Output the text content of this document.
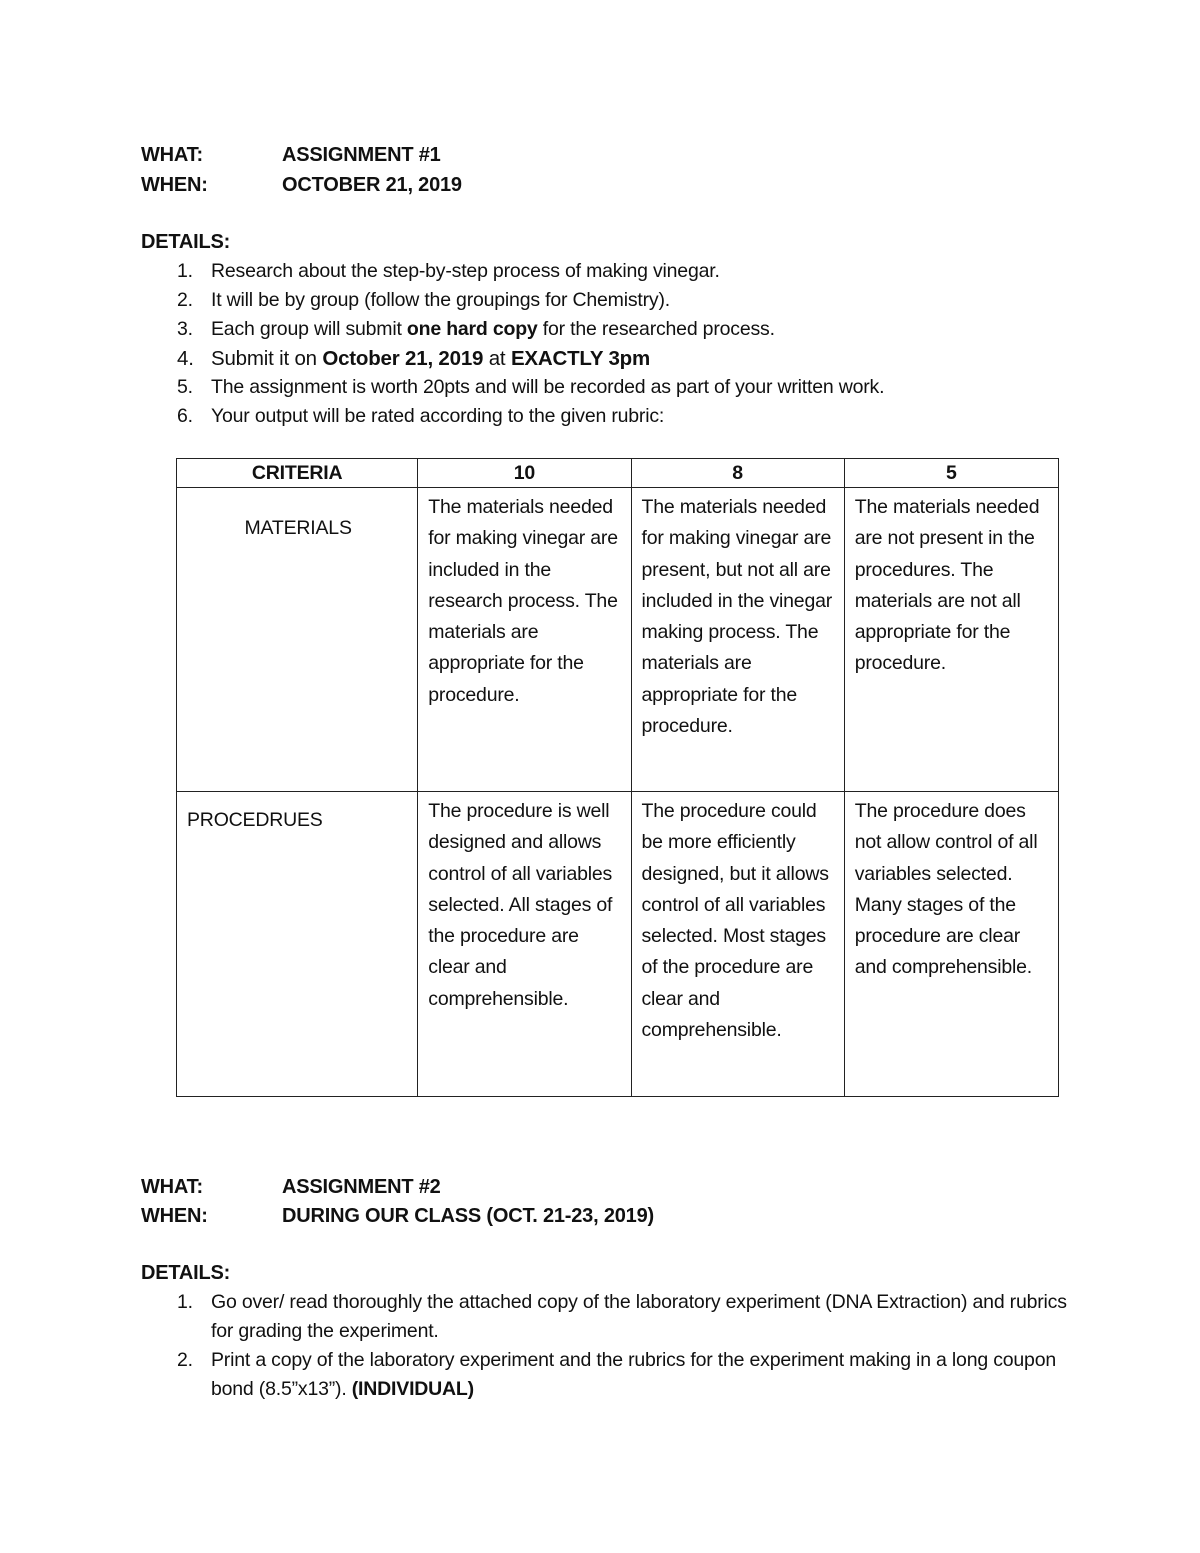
WHAT:	ASSIGNMENT #1
WHEN:	OCTOBER 21, 2019
DETAILS:
1. Research about the step-by-step process of making vinegar.
2. It will be by group (follow the groupings for Chemistry).
3. Each group will submit one hard copy for the researched process.
4. Submit it on October 21, 2019 at EXACTLY 3pm
5. The assignment is worth 20pts and will be recorded as part of your written work.
6. Your output will be rated according to the given rubric:
CRITERIA	10	8	5
MATERIALS	The materials needed for making vinegar are included in the research process. The materials are appropriate for the procedure.	The materials needed for making vinegar are present, but not all are included in the vinegar making process. The materials are appropriate for the procedure.	The materials needed are not present in the procedures. The materials are not all appropriate for the procedure.

PROCEDRUES	The procedure is well designed and allows control of all variables selected. All stages of the procedure are clear and comprehensible.	The procedure could be more efficiently designed, but it allows control of all variables selected. Most stages of the procedure are clear and comprehensible.	The procedure does not allow control of all variables selected. Many stages of the procedure are clear and comprehensible.
WHAT:	ASSIGNMENT #2
WHEN:	DURING OUR CLASS (OCT. 21-23, 2019)
DETAILS:
1. Go over/ read thoroughly the attached copy of the laboratory experiment (DNA Extraction) and rubrics for grading the experiment.
2. Print a copy of the laboratory experiment and the rubrics for the experiment making in a long coupon bond (8.5”x13”). (INDIVIDUAL)
